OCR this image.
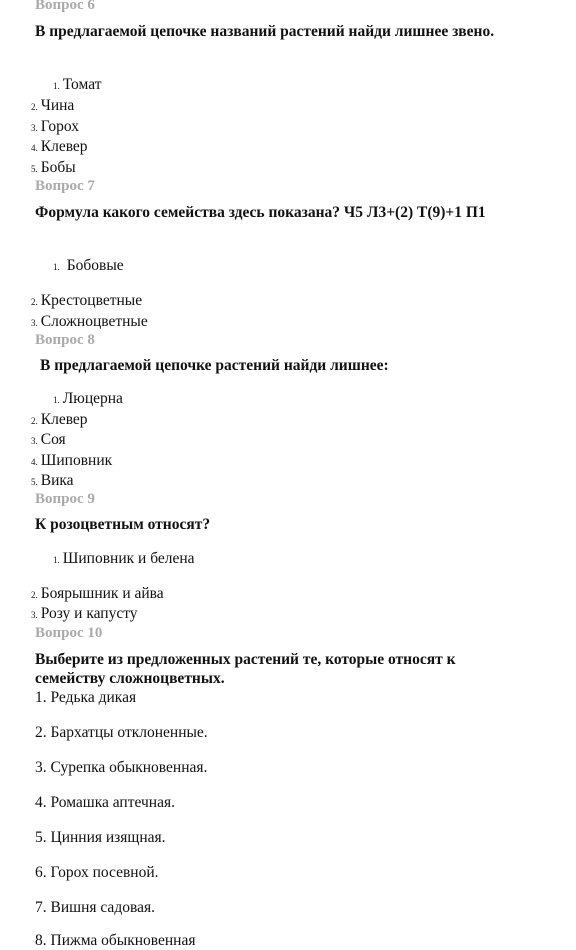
Вопрос 6
В предлагаемой цепочке названий растений найди лишнее звено.
1. Томат
2. Чина
3. Горох
4. Клевер
5. Бобы
Вопрос 7
Формула какого семейства здесь показана? Ч5 Л3+(2) Т(9)+1 П1
1. Бобовые
2. Крестоцветные
3. Сложноцветные
Вопрос 8
В предлагаемой цепочке растений найди лишнее:
1. Люцерна
2. Клевер
3. Соя
4. Шиповник
5. Вика
Вопрос 9
К розоцветным относят?
1. Шиповник и белена
2. Боярышник и айва
3. Розу и капусту
Вопрос 10
Выберите из предложенных растений те, которые относят к семейству сложноцветных.
1. Редька дикая
2. Бархатцы отклоненные.
3. Сурепка обыкновенная.
4. Ромашка аптечная.
5. Цинния изящная.
6. Горох посевной.
7. Вишня садовая.
8. Пижма обыкновенная
